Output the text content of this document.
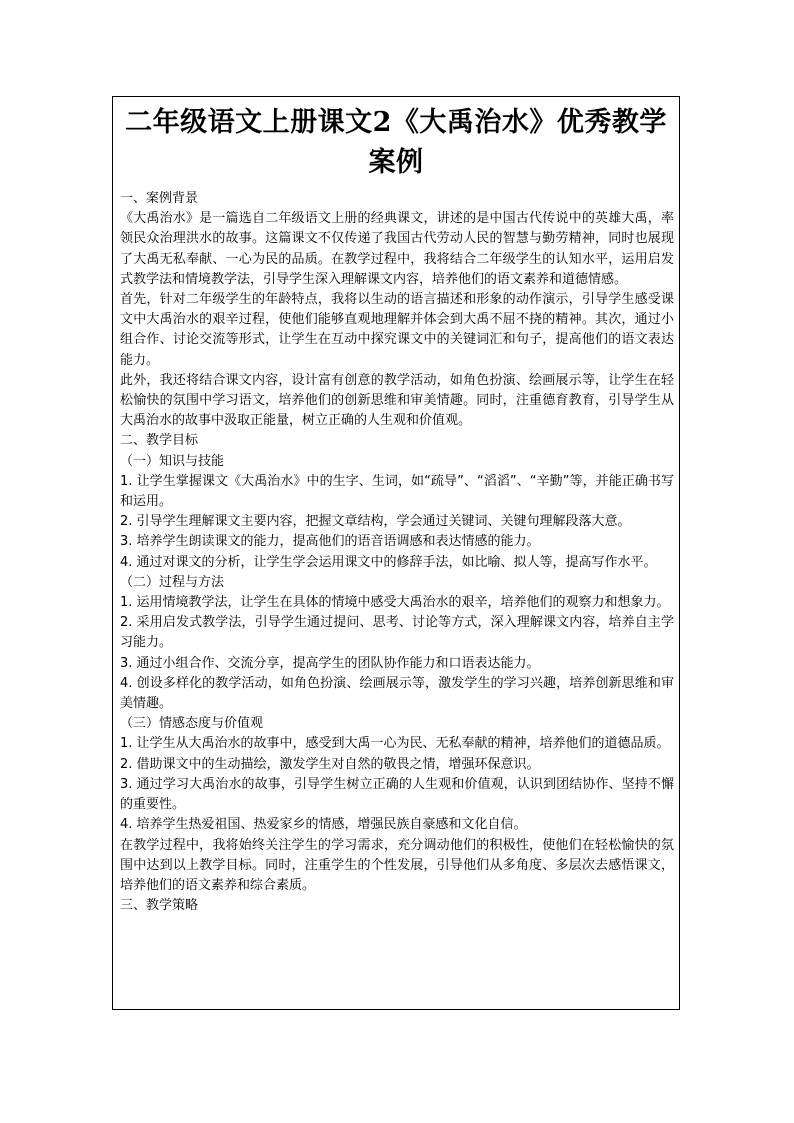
二年级语文上册课文2《大禹治水》优秀教学案例
一、案例背景
《大禹治水》是一篇选自二年级语文上册的经典课文，讲述的是中国古代传说中的英雄大禹，率领民众治理洪水的故事。这篇课文不仅传递了我国古代劳动人民的智慧与勤劳精神，同时也展现了大禹无私奉献、一心为民的品质。在教学过程中，我将结合二年级学生的认知水平，运用启发式教学法和情境教学法，引导学生深入理解课文内容，培养他们的语文素养和道德情感。
首先，针对二年级学生的年龄特点，我将以生动的语言描述和形象的动作演示，引导学生感受课文中大禹治水的艰辛过程，使他们能够直观地理解并体会到大禹不屈不挠的精神。其次，通过小组合作、讨论交流等形式，让学生在互动中探究课文中的关键词汇和句子，提高他们的语文表达能力。
此外，我还将结合课文内容，设计富有创意的教学活动，如角色扮演、绘画展示等，让学生在轻松愉快的氛围中学习语文，培养他们的创新思维和审美情趣。同时，注重德育教育，引导学生从大禹治水的故事中汲取正能量，树立正确的人生观和价值观。
二、教学目标
（一）知识与技能
1. 让学生掌握课文《大禹治水》中的生字、生词，如“疏导”、“滔滔”、“辛勤”等，并能正确书写和运用。
2. 引导学生理解课文主要内容，把握文章结构，学会通过关键词、关键句理解段落大意。
3. 培养学生朗读课文的能力，提高他们的语音语调感和表达情感的能力。
4. 通过对课文的分析，让学生学会运用课文中的修辞手法，如比喻、拟人等，提高写作水平。
（二）过程与方法
1. 运用情境教学法，让学生在具体的情境中感受大禹治水的艰辛，培养他们的观察力和想象力。
2. 采用启发式教学法，引导学生通过提问、思考、讨论等方式，深入理解课文内容，培养自主学习能力。
3. 通过小组合作、交流分享，提高学生的团队协作能力和口语表达能力。
4. 创设多样化的教学活动，如角色扮演、绘画展示等，激发学生的学习兴趣，培养创新思维和审美情趣。
（三）情感态度与价值观
1. 让学生从大禹治水的故事中，感受到大禹一心为民、无私奉献的精神，培养他们的道德品质。
2. 借助课文中的生动描绘，激发学生对自然的敬畏之情，增强环保意识。
3. 通过学习大禹治水的故事，引导学生树立正确的人生观和价值观，认识到团结协作、坚持不懈的重要性。
4. 培养学生热爱祖国、热爱家乡的情感，增强民族自豪感和文化自信。
在教学过程中，我将始终关注学生的学习需求，充分调动他们的积极性，使他们在轻松愉快的氛围中达到以上教学目标。同时，注重学生的个性发展，引导他们从多角度、多层次去感悟课文，培养他们的语文素养和综合素质。
三、教学策略
